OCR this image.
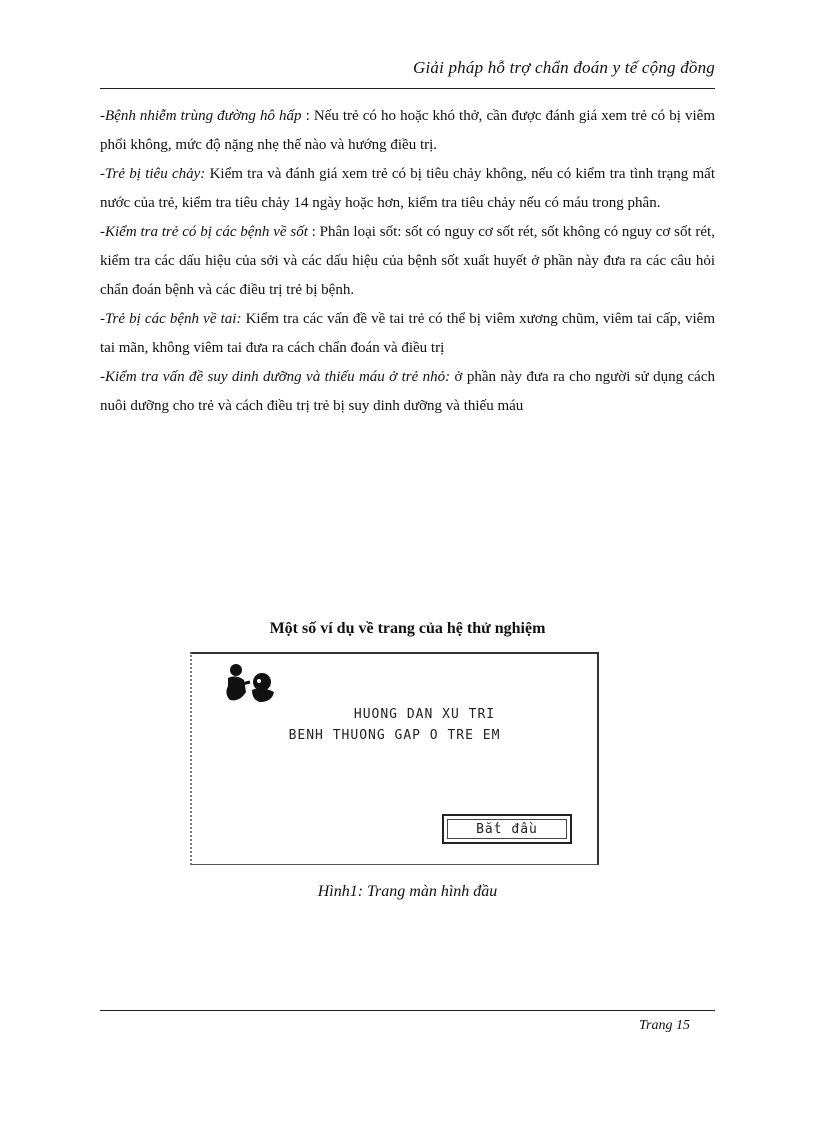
Giải pháp hỗ trợ chẩn đoán y tế cộng đồng

-Bệnh nhiễm trùng đường hô hấp : Nếu trẻ có ho hoặc khó thở, cần được đánh giá xem trẻ có bị viêm phổi không, mức độ nặng nhẹ thế nào và hướng điều trị.

-Trẻ bị tiêu chảy: Kiểm tra và đánh giá xem trẻ có bị tiêu chảy không, nếu có kiểm tra tình trạng mất nước của trẻ, kiểm tra tiêu chảy 14 ngày hoặc hơn, kiểm tra tiêu chảy nếu có máu trong phân.

-Kiểm tra trẻ có bị các bệnh về sốt : Phân loại sốt: sốt có nguy cơ sốt rét, sốt không có nguy cơ sốt rét, kiểm tra các dấu hiệu của sởi và các dấu hiệu của bệnh sốt xuất huyết ở phần này đưa ra các câu hỏi chẩn đoán bệnh và các điều trị trẻ bị bệnh.

-Trẻ bị các bệnh về tai: Kiểm tra các vấn đề về tai trẻ có thể bị viêm xương chũm, viêm tai cấp, viêm tai mãn, không viêm tai đưa ra cách chẩn đoán và điều trị

-Kiểm tra vấn đề suy dinh dưỡng và thiếu máu ở trẻ nhỏ: ở phần này đưa ra cho người sử dụng cách nuôi dưỡng cho trẻ và cách điều trị trẻ bị suy dinh dưỡng và thiếu máu

Một số ví dụ về trang của hệ thử nghiệm
HUONG DAN XU TRI
BENH THUONG GAP O TRE EM
Bắt đầu
Hình1: Trang màn hình đầu
Trang 15
